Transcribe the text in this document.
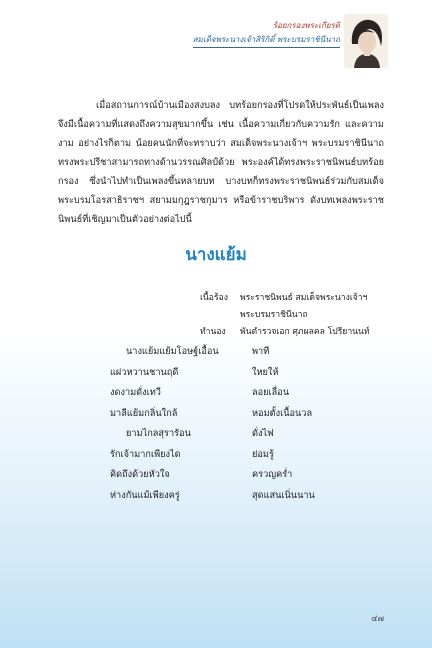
ร้อยกรองพระเกียรติ
สมเด็จพระนางเจ้าสิริกิติ์ พระบรมราชินีนาถ

เมื่อสถานการณ์บ้านเมืองสงบลง บทร้อยกรองที่โปรดให้ประพันธ์เป็นเพลงจึงมีเนื้อความที่แสดงถึงความสุขมากขึ้น เช่น เนื้อความเกี่ยวกับความรัก และความงาม อย่างไรก็ตาม น้อยคนนักที่จะทราบว่า สมเด็จพระนางเจ้าฯ พระบรมราชินีนาถ ทรงพระปรีชาสามารถทางด้านวรรณศิลป์ด้วย พระองค์ได้ทรงพระราชนิพนธ์บทร้อยกรอง ซึ่งนำไปทำเป็นเพลงขึ้นหลายบท บางบทก็ทรงพระราชนิพนธ์ร่วมกับสมเด็จพระบรมโอรสาธิราชฯ สยามมกุฎราชกุมาร หรือข้าราชบริพาร ดังบทเพลงพระราชนิพนธ์ที่เชิญมาเป็นตัวอย่างต่อไปนี้

นางแย้ม
เนื้อร้อง	พระราชนิพนธ์ สมเด็จพระนางเจ้าฯ
พระบรมราชินีนาถ
ทำนอง	พันตำรวจเอก ศุภผลคล โปรียานนท์
นางแย้มแย้มโอษฐ์เอื้อน	พาที
แผ่วหวานชานฤดี	ใหยให้
งดงามดั่งเทวี	ลอยเลื่อน
มาลีแย้มกลิ่นใกล้	หอมตั้งเนื้อนวล
ยามไกลสุรารัอน	ดั่งไฟ
รักเจ้ามากเพียงได	ย่อมรู้
คิดถึงด้วยหัวใจ	ครวญคร่ำ
ห่างกันแม้เพียงครู่	สุดแสนเนิ่นนาน
๔๗
